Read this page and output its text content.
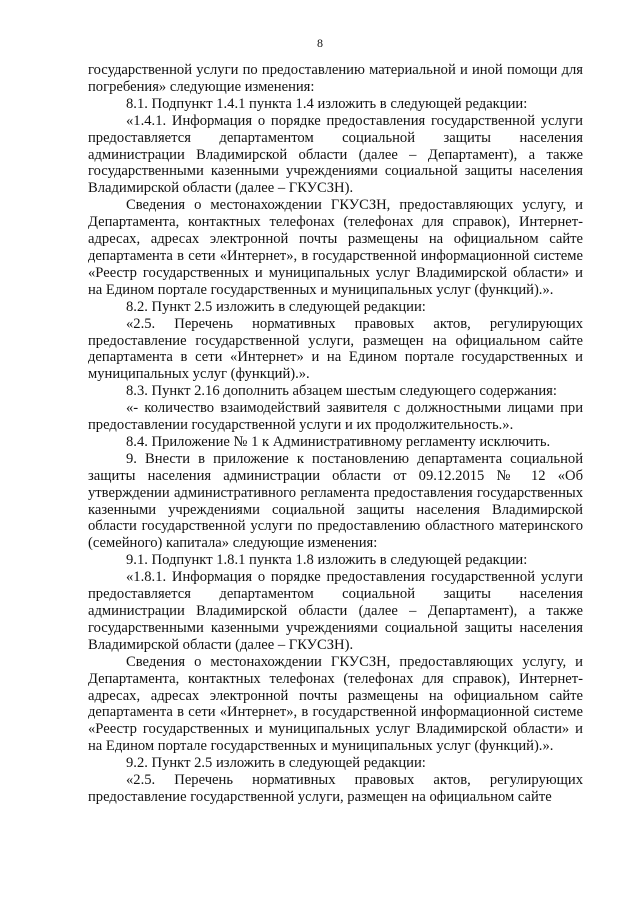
8

государственной услуги по предоставлению материальной и иной помощи для погребения» следующие изменения:

8.1. Подпункт 1.4.1 пункта 1.4 изложить в следующей редакции:

«1.4.1. Информация о порядке предоставления государственной услуги предоставляется департаментом социальной защиты населения администрации Владимирской области (далее – Департамент), а также государственными казенными учреждениями социальной защиты населения Владимирской области (далее – ГКУСЗН).

Сведения о местонахождении ГКУСЗН, предоставляющих услугу, и Департамента, контактных телефонах (телефонах для справок), Интернет-адресах, адресах электронной почты размещены на официальном сайте департамента в сети «Интернет», в государственной информационной системе «Реестр государственных и муниципальных услуг Владимирской области» и на Едином портале государственных и муниципальных услуг (функций).».

8.2. Пункт 2.5 изложить в следующей редакции:

«2.5. Перечень нормативных правовых актов, регулирующих предоставление государственной услуги, размещен на официальном сайте департамента в сети «Интернет» и на Едином портале государственных и муниципальных услуг (функций).».

8.3. Пункт 2.16 дополнить абзацем шестым следующего содержания:

«- количество взаимодействий заявителя с должностными лицами при предоставлении государственной услуги и их продолжительность.».

8.4. Приложение № 1 к Административному регламенту исключить.

9. Внести в приложение к постановлению департамента социальной защиты населения администрации области от 09.12.2015 № 12 «Об утверждении административного регламента предоставления государственных казенными учреждениями социальной защиты населения Владимирской области государственной услуги по предоставлению областного материнского (семейного) капитала» следующие изменения:

9.1. Подпункт 1.8.1 пункта 1.8 изложить в следующей редакции:

«1.8.1. Информация о порядке предоставления государственной услуги предоставляется департаментом социальной защиты населения администрации Владимирской области (далее – Департамент), а также государственными казенными учреждениями социальной защиты населения Владимирской области (далее – ГКУСЗН).

Сведения о местонахождении ГКУСЗН, предоставляющих услугу, и Департамента, контактных телефонах (телефонах для справок), Интернет-адресах, адресах электронной почты размещены на официальном сайте департамента в сети «Интернет», в государственной информационной системе «Реестр государственных и муниципальных услуг Владимирской области» и на Едином портале государственных и муниципальных услуг (функций).».

9.2. Пункт 2.5 изложить в следующей редакции:

«2.5. Перечень нормативных правовых актов, регулирующих предоставление государственной услуги, размещен на официальном сайте
